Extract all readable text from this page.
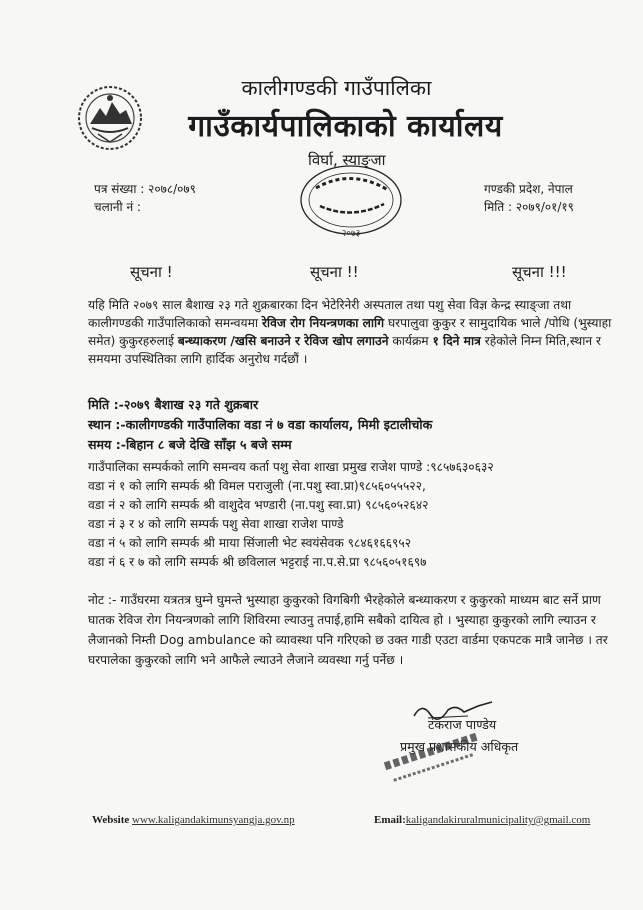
कालीगण्डकी गाउँपालिका
गाउँकार्यपालिकाको कार्यालय
विर्घा, स्याङ्जा
२०७३
पत्र संख्या : २०७८/०७९
चलानी नं :
गण्डकी प्रदेश, नेपाल
मिति : २०७९/०१/१९
सूचना !	सूचना !!	सूचना !!!
यहि मिति २०७९ साल बैशाख २३ गते शुक्रबारका दिन भेटेरिनेरी अस्पताल तथा पशु सेवा विज्ञ केन्द्र स्याङ्जा तथा कालीगण्डकी गाउँपालिकाको समन्वयमा रेविज रोग नियन्त्रणका लागि घरपालुवा कुकुर र सामुदायिक भाले /पोथि (भुस्याहा समेत) कुकुरहरुलाई बन्ध्याकरण /खसि बनाउने र रेविज खोप लगाउने कार्यक्रम १ दिने मात्र रहेकोले निम्न मिति,स्थान र समयमा उपस्थितिका लागि हार्दिक अनुरोध गर्दछौं ।
मिति :-२०७९ बैशाख २३ गते शुक्रबार
स्थान :-कालीगण्डकी गाउँपालिका वडा नं ७ वडा कार्यालय, मिमी इटालीचोक
समय :-बिहान ८ बजे देखि साँझ ५ बजे सम्म
गाउँपालिका सम्पर्कको लागि समन्वय कर्ता पशु सेवा शाखा प्रमुख राजेश पाण्डे :९८५७६३०६३२
वडा नं १ को लागि सम्पर्क श्री विमल पराजुली (ना.पशु स्वा.प्रा)९८५६०५५५२२,
वडा नं २ को लागि सम्पर्क श्री वाशुदेव भण्डारी (ना.पशु स्वा.प्रा) ९८५६०५२६४२
वडा नं ३ र ४ को लागि सम्पर्क पशु सेवा शाखा राजेश पाण्डे
वडा नं ५ को लागि सम्पर्क श्री माया सिंजाली भेट स्वयंसेवक ९८४६१६६९५२
वडा नं ६ र ७ को लागि सम्पर्क श्री छविलाल भट्टराई ना.प.से.प्रा ९८५६०५१६९७
नोट :- गाउँघरमा यत्रतत्र घुम्ने घुमन्ते भुस्याहा कुकुरको विगबिगी भैरहेकोले बन्ध्याकरण र कुकुरको माध्यम बाट सर्ने प्राण घातक रेविज रोग नियन्त्रणको लागि शिविरमा ल्याउनु तपाई,हामि सबैको दायित्व हो । भुस्याहा कुकुरको लागि ल्याउन र लैजानको निम्ती Dog ambulance को व्यावस्था पनि गरिएको छ उक्त गाडी एउटा वार्डमा एकपटक मात्रै जानेछ । तर घरपालेका कुकुरको लागि भने आफैले ल्याउने लैजाने व्यवस्था गर्नु पर्नेछ ।
टंकराज पाण्डेय
प्रमुख प्रशासकीय अधिकृत
Website www.kaligandakimunsyangja.gov.np	Email:kaligandakiruralmunicipality@gmail.com
